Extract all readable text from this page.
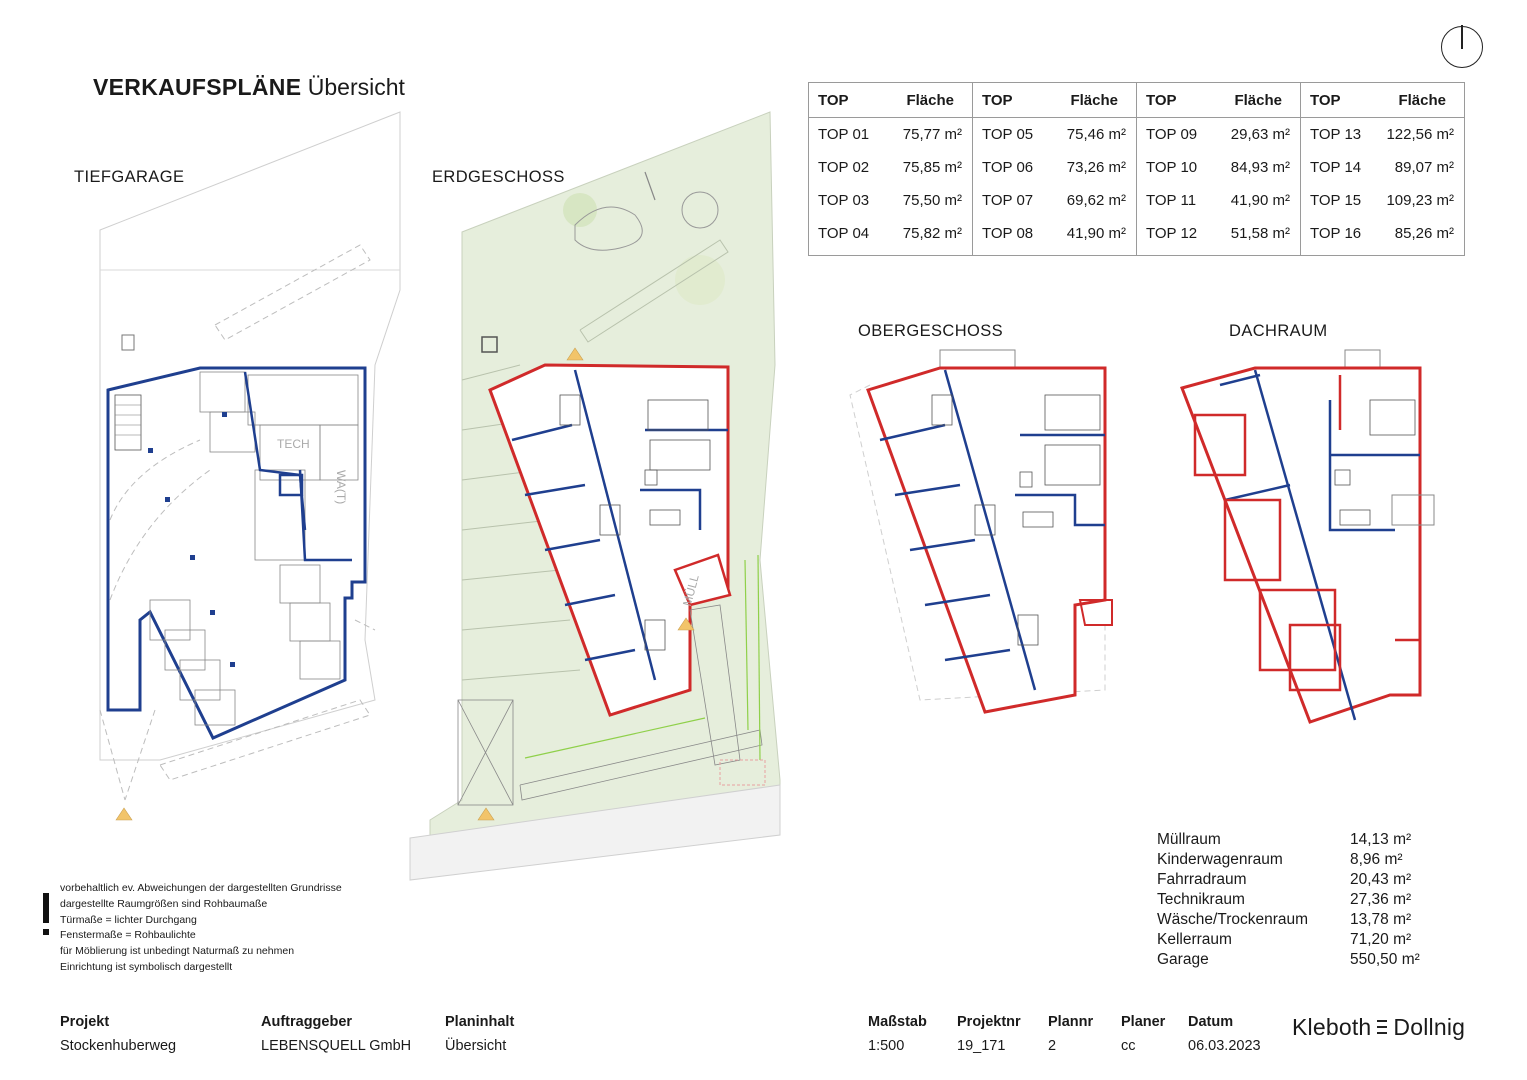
TECH
WA(T)
MÜLL
VERKAUFSPLÄNE Übersicht
TIEFGARAGE	ERDGESCHOSS
OBERGESCHOSS	DACHRAUM
TOP	Fläche
TOP 01 75,77 m²
TOP 02 75,85 m²
TOP 03 75,50 m²
TOP 04 75,82 m²
TOP	Fläche
TOP 05 75,46 m²
TOP 06 73,26 m²
TOP 07 69,62 m²
TOP 08 41,90 m²
TOP	Fläche
TOP 09 29,63 m²
TOP 10 84,93 m²
TOP 11 41,90 m²
TOP 12 51,58 m²
TOP	Fläche
TOP 13 122,56 m²
TOP 14 89,07 m²
TOP 15 109,23 m²
TOP 16 85,26 m²
Müllraum	14,13 m²
Kinderwagenraum	8,96 m²
Fahrradraum	20,43 m²
Technikraum	27,36 m²
Wäsche/Trockenraum	13,78 m²
Kellerraum	71,20 m²
Garage	550,50 m²
vorbehaltlich ev. Abweichungen der dargestellten Grundrisse
dargestellte Raumgrößen sind Rohbaumaße
Türmaße = lichter Durchgang
Fenstermaße = Rohbaulichte
für Möblierung ist unbedingt Naturmaß zu nehmen
Einrichtung ist symbolisch dargestellt
Projekt
Stockenhuberweg
Auftraggeber
LEBENSQUELL GmbH
Planinhalt
Übersicht
Maßstab
1:500
Projektnr
19_171
Plannr
2
Planer
cc
Datum
06.03.2023
Kleboth Dollnig
